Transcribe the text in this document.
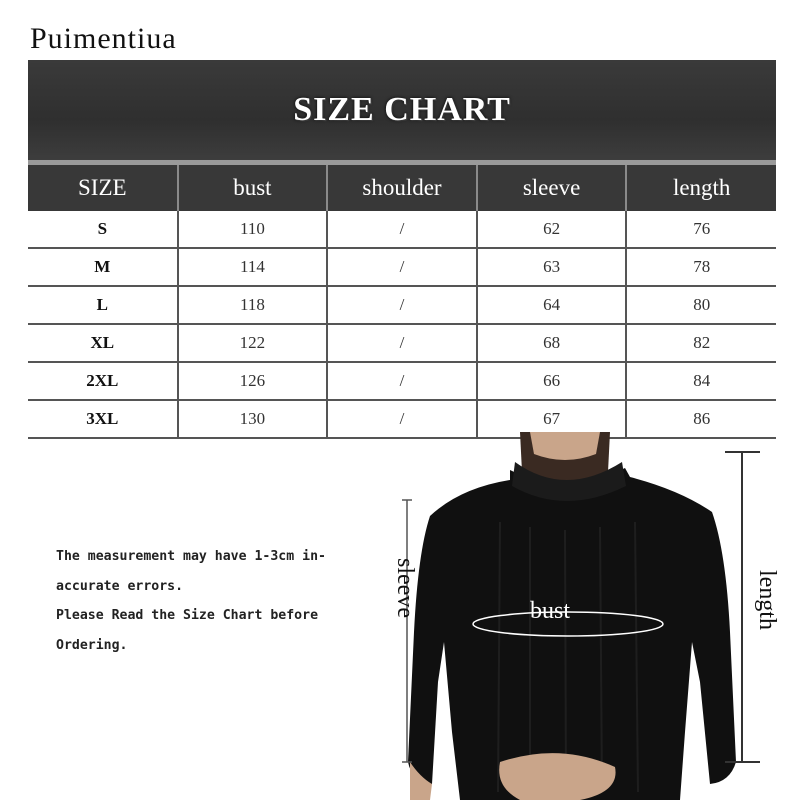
Puimentiua
SIZE CHART
SIZE	bust	shoulder	sleeve	length
S	110	/	62	76
M	114	/	63	78
L	118	/	64	80
XL	122	/	68	82
2XL	126	/	66	84
3XL	130	/	67	86
The measurement may have 1-3cm in-
accurate errors.
Please Read the Size Chart before
Ordering.
bust
sleeve	length
